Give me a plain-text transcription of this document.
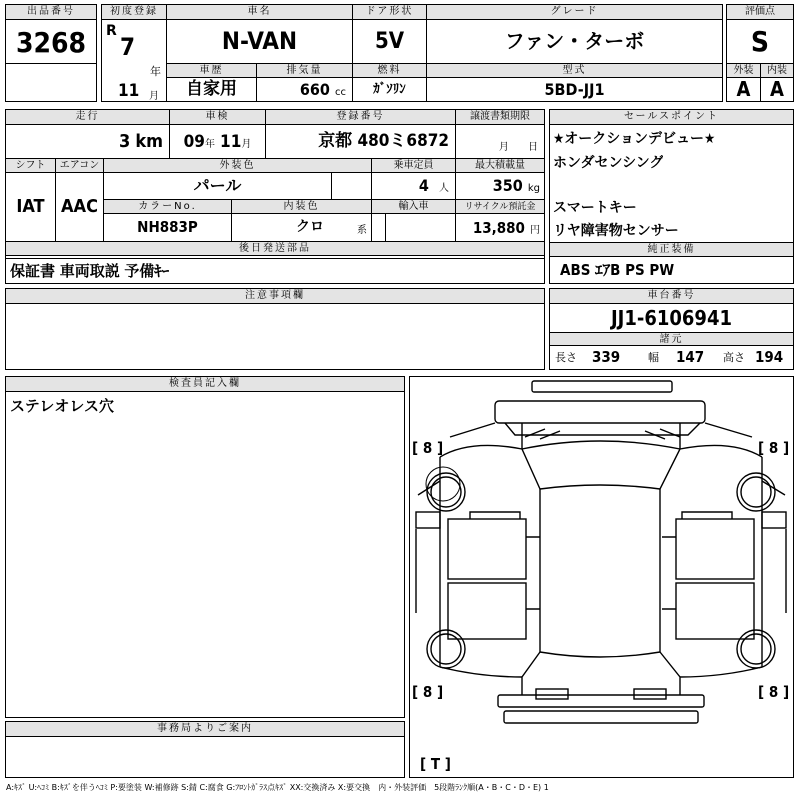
出品番号
3268
初度登録	車名	ドア形状	グレード
R
7
年
11 月
N-VAN	5V	ファン・ターボ
車歴	排気量	燃料	型式
自家用	660 cc	ｶﾞｿﾘﾝ	5BD-JJ1
評価点
S
外装	内装
A A
走行	車検	登録番号	譲渡書類期限
3 km	09年 11月	京都 480ミ6872	月 日
シフト	エアコン	外装色	乗車定員	最大積載量
IAT AAC
パール	4 人	350 kg
カラーNo.	内装色	輸入車	リサイクル預託金
NH883P	クロ	系	13,880 円
後日発送部品
保証書 車両取説 予備ｷｰ
セールスポイント
★オークションデビュー★
ホンダセンシング
スマートキー
リヤ障害物センサー
純正装備
ABS ｴｱB PS PW
注意事項欄	車台番号
JJ1-6106941
諸元
長さ 339	幅 147 高さ 194
検査員記入欄
ステレオレス穴
事務局よりご案内
[ 8 ]	[ 8 ]
[ 8 ]	[ 8 ]
[ T ]
A:ｷｽﾞ U:ﾍｺﾐ B:ｷｽﾞを伴うﾍｺﾐ P:要塗装 W:補修跡 S:錆 C:腐食 G:ﾌﾛﾝﾄｶﾞﾗｽ点ｷｽﾞ XX:交換済み X:要交換　内・外装評価　5段階ﾗﾝｸ順(A・B・C・D・E) 1
